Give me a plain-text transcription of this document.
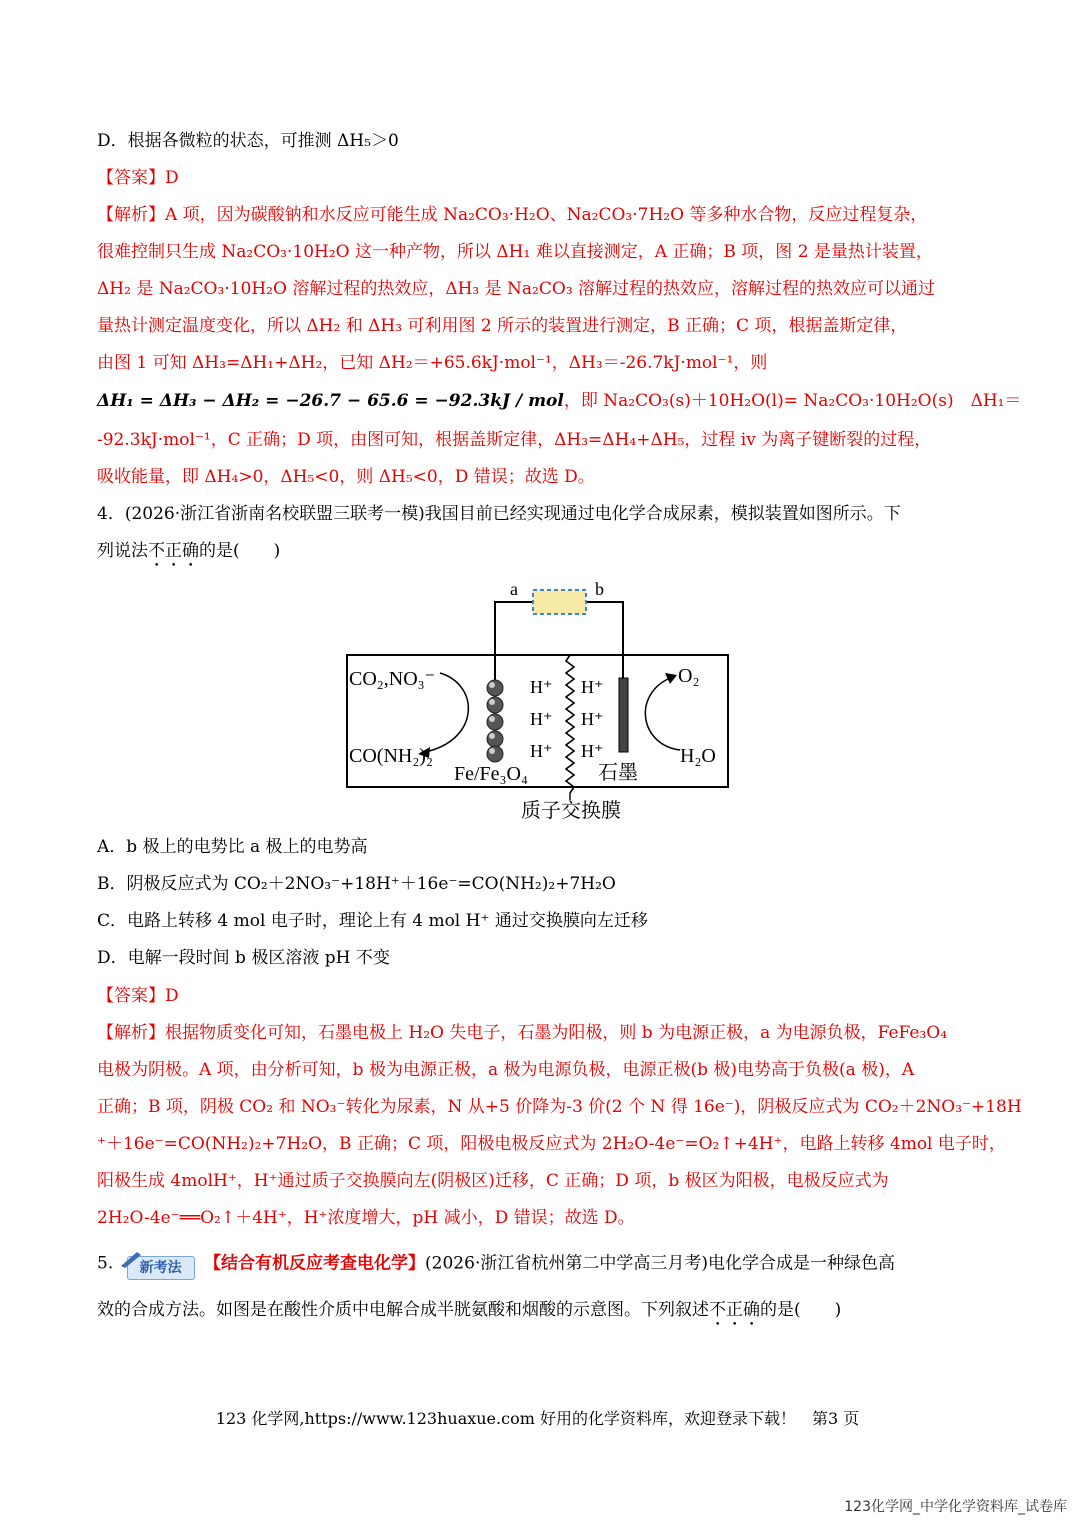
D．根据各微粒的状态，可推测 ΔH₅＞0
【答案】D
【解析】A 项，因为碳酸钠和水反应可能生成 Na₂CO₃·H₂O、Na₂CO₃·7H₂O 等多种水合物，反应过程复杂，
很难控制只生成 Na₂CO₃·10H₂O 这一种产物，所以 ΔH₁ 难以直接测定，A 正确；B 项，图 2 是量热计装置，
ΔH₂ 是 Na₂CO₃·10H₂O 溶解过程的热效应，ΔH₃ 是 Na₂CO₃ 溶解过程的热效应，溶解过程的热效应可以通过
量热计测定温度变化，所以 ΔH₂ 和 ΔH₃ 可利用图 2 所示的装置进行测定，B 正确；C 项，根据盖斯定律，
由图 1 可知 ΔH₃=ΔH₁+ΔH₂，已知 ΔH₂＝+65.6kJ·mol⁻¹，ΔH₃＝-26.7kJ·mol⁻¹，则
ΔH₁ = ΔH₃ − ΔH₂ = −26.7 − 65.6 = −92.3kJ / mol，即 Na₂CO₃(s)＋10H₂O(l)= Na₂CO₃·10H₂O(s)　ΔH₁＝
-92.3kJ·mol⁻¹，C 正确；D 项，由图可知，根据盖斯定律，ΔH₃=ΔH₄+ΔH₅，过程 iv 为离子键断裂的过程，
吸收能量，即 ΔH₄>0，ΔH₅<0，则 ΔH₅<0，D 错误；故选 D。
4．(2026·浙江省浙南名校联盟三联考一模)我国目前已经实现通过电化学合成尿素，模拟装置如图所示。下
列说法不正确的是(　　)
a	b
CO₂,NO₃⁻
CO(NH₂)₂
H⁺
H⁺
H⁺
H⁺
H⁺
H⁺
O₂
H₂O
Fe/Fe₃O₄	石墨
质子交换膜
A．b 极上的电势比 a 极上的电势高
B．阴极反应式为 CO₂＋2NO₃⁻+18H⁺＋16e⁻=CO(NH₂)₂+7H₂O
C．电路上转移 4 mol 电子时，理论上有 4 mol H⁺ 通过交换膜向左迁移
D．电解一段时间 b 极区溶液 pH 不变
【答案】D
【解析】根据物质变化可知，石墨电极上 H₂O 失电子，石墨为阳极，则 b 为电源正极，a 为电源负极，FeFe₃O₄
电极为阴极。A 项，由分析可知，b 极为电源正极，a 极为电源负极，电源正极(b 极)电势高于负极(a 极)，A
正确；B 项，阴极 CO₂ 和 NO₃⁻转化为尿素，N 从+5 价降为-3 价(2 个 N 得 16e⁻)，阴极反应式为 CO₂＋2NO₃⁻+18H
⁺＋16e⁻=CO(NH₂)₂+7H₂O，B 正确；C 项，阳极电极反应式为 2H₂O-4e⁻=O₂↑+4H⁺，电路上转移 4mol 电子时，
阳极生成 4molH⁺，H⁺通过质子交换膜向左(阴极区)迁移，C 正确；D 项，b 极区为阳极，电极反应式为
2H₂O-4e⁻══O₂↑＋4H⁺，H⁺浓度增大，pH 减小，D 错误；故选 D。
5.	新考法	【结合有机反应考查电化学】(2026·浙江省杭州第二中学高三月考)电化学合成是一种绿色高
效的合成方法。如图是在酸性介质中电解合成半胱氨酸和烟酸的示意图。下列叙述不正确的是(　　)
123 化学网,https://www.123huaxue.com 好用的化学资料库，欢迎登录下载！　第3 页
123化学网_中学化学资料库_试卷库
